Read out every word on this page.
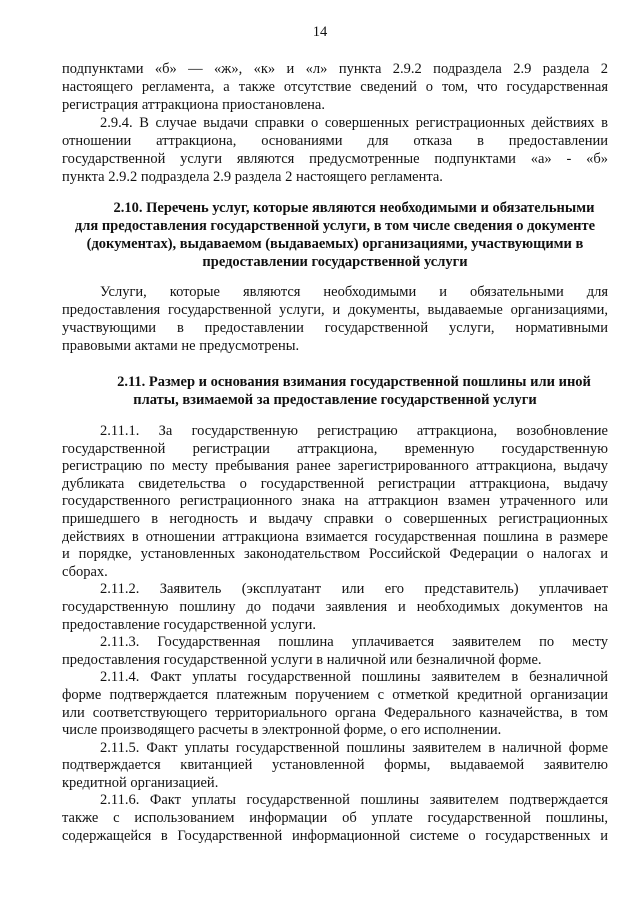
14
подпунктами «б» — «ж», «к» и «л» пункта 2.9.2 подраздела 2.9 раздела 2
настоящего регламента, а также отсутствие сведений о том, что государственная
регистрация аттракциона приостановлена.
2.9.4. В случае выдачи справки о совершенных регистрационных действиях в
отношении аттракциона, основаниями для отказа в предоставлении
государственной услуги являются предусмотренные подпунктами «а» - «б»
пункта 2.9.2 подраздела 2.9 раздела 2 настоящего регламента.
2.10. Перечень услуг, которые являются необходимыми и обязательными
для предоставления государственной услуги, в том числе сведения о документе
(документах), выдаваемом (выдаваемых) организациями, участвующими в
предоставлении государственной услуги
Услуги, которые являются необходимыми и обязательными для
предоставления государственной услуги, и документы, выдаваемые организациями,
участвующими в предоставлении государственной услуги, нормативными
правовыми актами не предусмотрены.
2.11. Размер и основания взимания государственной пошлины или иной
платы, взимаемой за предоставление государственной услуги
2.11.1. За государственную регистрацию аттракциона, возобновление
государственной регистрации аттракциона, временную государственную
регистрацию по месту пребывания ранее зарегистрированного аттракциона, выдачу
дубликата свидетельства о государственной регистрации аттракциона, выдачу
государственного регистрационного знака на аттракцион взамен утраченного или
пришедшего в негодность и выдачу справки о совершенных регистрационных
действиях в отношении аттракциона взимается государственная пошлина в размере
и порядке, установленных законодательством Российской Федерации о налогах и
сборах.
2.11.2. Заявитель (эксплуатант или его представитель) уплачивает
государственную пошлину до подачи заявления и необходимых документов на
предоставление государственной услуги.
2.11.3. Государственная пошлина уплачивается заявителем по месту
предоставления государственной услуги в наличной или безналичной форме.
2.11.4. Факт уплаты государственной пошлины заявителем в безналичной
форме подтверждается платежным поручением с отметкой кредитной организации
или соответствующего территориального органа Федерального казначейства, в том
числе производящего расчеты в электронной форме, о его исполнении.
2.11.5. Факт уплаты государственной пошлины заявителем в наличной форме
подтверждается квитанцией установленной формы, выдаваемой заявителю
кредитной организацией.
2.11.6. Факт уплаты государственной пошлины заявителем подтверждается
также с использованием информации об уплате государственной пошлины,
содержащейся в Государственной информационной системе о государственных и
